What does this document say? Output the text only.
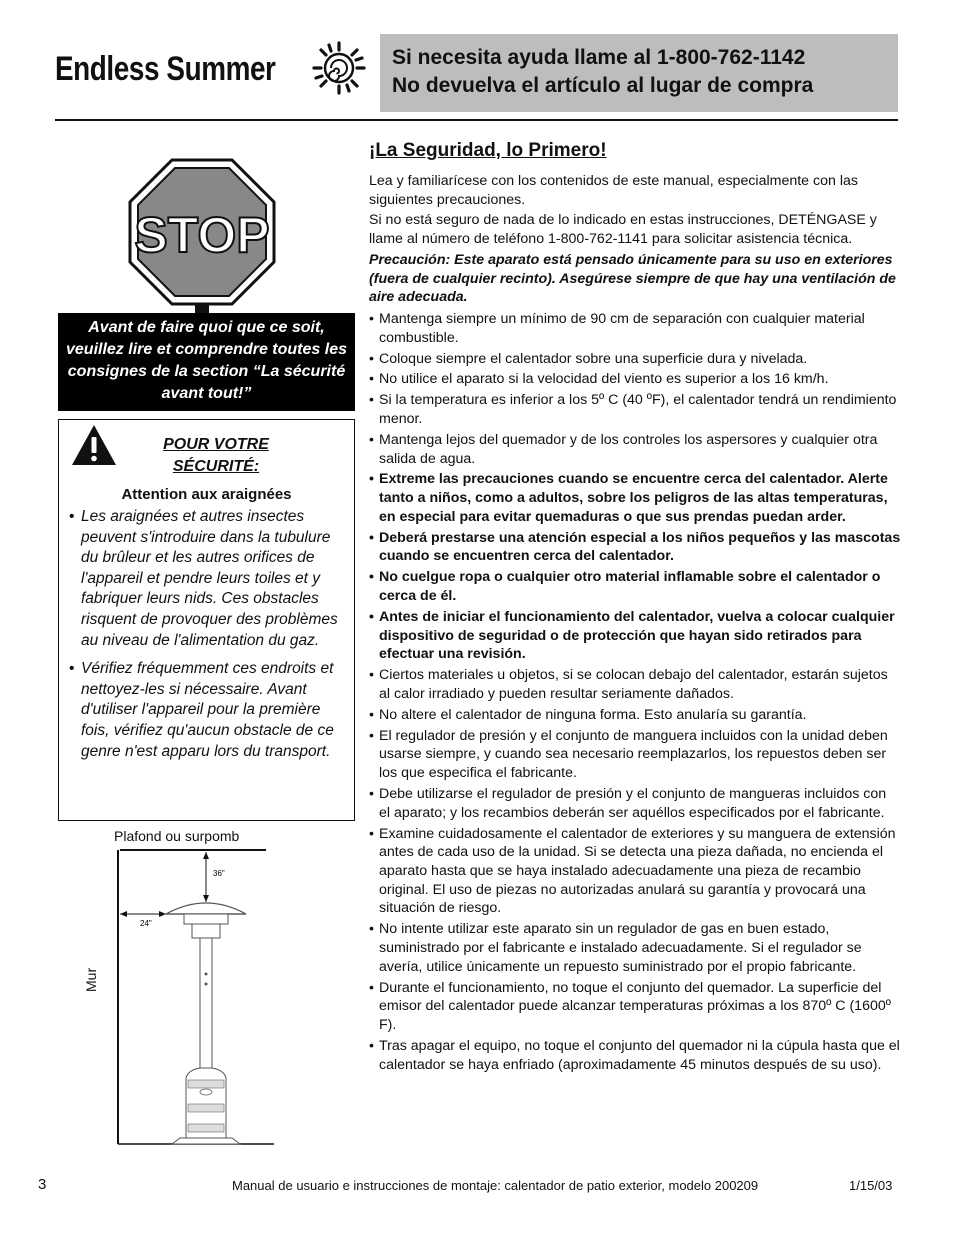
Endless Summer	Si necesita ayuda llame al 1-800-762-1142
No devuelva el artículo al lugar de compra
STOP
Avant de faire quoi que ce soit, veuillez lire et comprendre toutes les consignes de la section “La sécurité avant tout!”
POUR VOTRE SÉCURITÉ:
Attention aux araignées
• Les araignées et autres insectes peuvent s'introduire dans la tubulure du brûleur et les autres orifices de l'appareil et pendre leurs toiles et y fabriquer leurs nids. Ces obstacles risquent de provoquer des problèmes au niveau de l'alimentation du gaz.
• Vérifiez fréquemment ces endroits et nettoyez-les si nécessaire. Avant d'utiliser l'appareil pour la première fois, vérifiez qu'aucun obstacle de ce genre n'est apparu lors du transport.
Plafond ou surpomb
Mur
36"
24"
¡La Seguridad, lo Primero!
Lea y familiarícese con los contenidos de este manual, especialmente con las siguientes precauciones.
Si no está seguro de nada de lo indicado en estas instrucciones, DETÉNGASE y llame al número de teléfono 1-800-762-1141 para solicitar asistencia técnica.
Precaución: Este aparato está pensado únicamente para su uso en exteriores (fuera de cualquier recinto). Asegúrese siempre de que hay una ventilación de aire adecuada.
• Mantenga siempre un mínimo de 90 cm de separación con cualquier material combustible.
• Coloque siempre el calentador sobre una superficie dura y nivelada.
• No utilice el aparato si la velocidad del viento es superior a los 16 km/h.
• Si la temperatura es inferior a los 5º C (40 ºF), el calentador tendrá un rendimiento menor.
• Mantenga lejos del quemador y de los controles los aspersores y cualquier otra salida de agua.
• Extreme las precauciones cuando se encuentre cerca del calentador. Alerte tanto a niños, como a adultos, sobre los peligros de las altas temperaturas, en especial para evitar quemaduras o que sus prendas puedan arder.
• Deberá prestarse una atención especial a los niños pequeños y las mascotas cuando se encuentren cerca del calentador.
• No cuelgue ropa o cualquier otro material inflamable sobre el calentador o cerca de él.
• Antes de iniciar el funcionamiento del calentador, vuelva a colocar cualquier dispositivo de seguridad o de protección que hayan sido retirados para efectuar una revisión.
• Ciertos materiales u objetos, si se colocan debajo del calentador, estarán sujetos al calor irradiado y pueden resultar seriamente dañados.
• No altere el calentador de ninguna forma. Esto anularía su garantía.
• El regulador de presión y el conjunto de manguera incluidos con la unidad deben usarse siempre, y cuando sea necesario reemplazarlos, los repuestos deben ser los que especifica el fabricante.
• Debe utilizarse el regulador de presión y el conjunto de mangueras incluidos con el aparato; y los recambios deberán ser aquéllos especificados por el fabricante.
• Examine cuidadosamente el calentador de exteriores y su manguera de extensión antes de cada uso de la unidad. Si se detecta una pieza dañada, no encienda el aparato hasta que se haya instalado adecuadamente una pieza de recambio original. El uso de piezas no autorizadas anulará su garantía y provocará una situación de riesgo.
• No intente utilizar este aparato sin un regulador de gas en buen estado, suministrado por el fabricante e instalado adecuadamente. Si el regulador se avería, utilice únicamente un repuesto suministrado por el propio fabricante.
• Durante el funcionamiento, no toque el conjunto del quemador. La superficie del emisor del calentador puede alcanzar temperaturas próximas a los 870º C (1600º F).
• Tras apagar el equipo, no toque el conjunto del quemador ni la cúpula hasta que el calentador se haya enfriado (aproximadamente 45 minutos después de su uso).
3	Manual de usuario e instrucciones de montaje: calentador de patio exterior, modelo 200209	1/15/03
